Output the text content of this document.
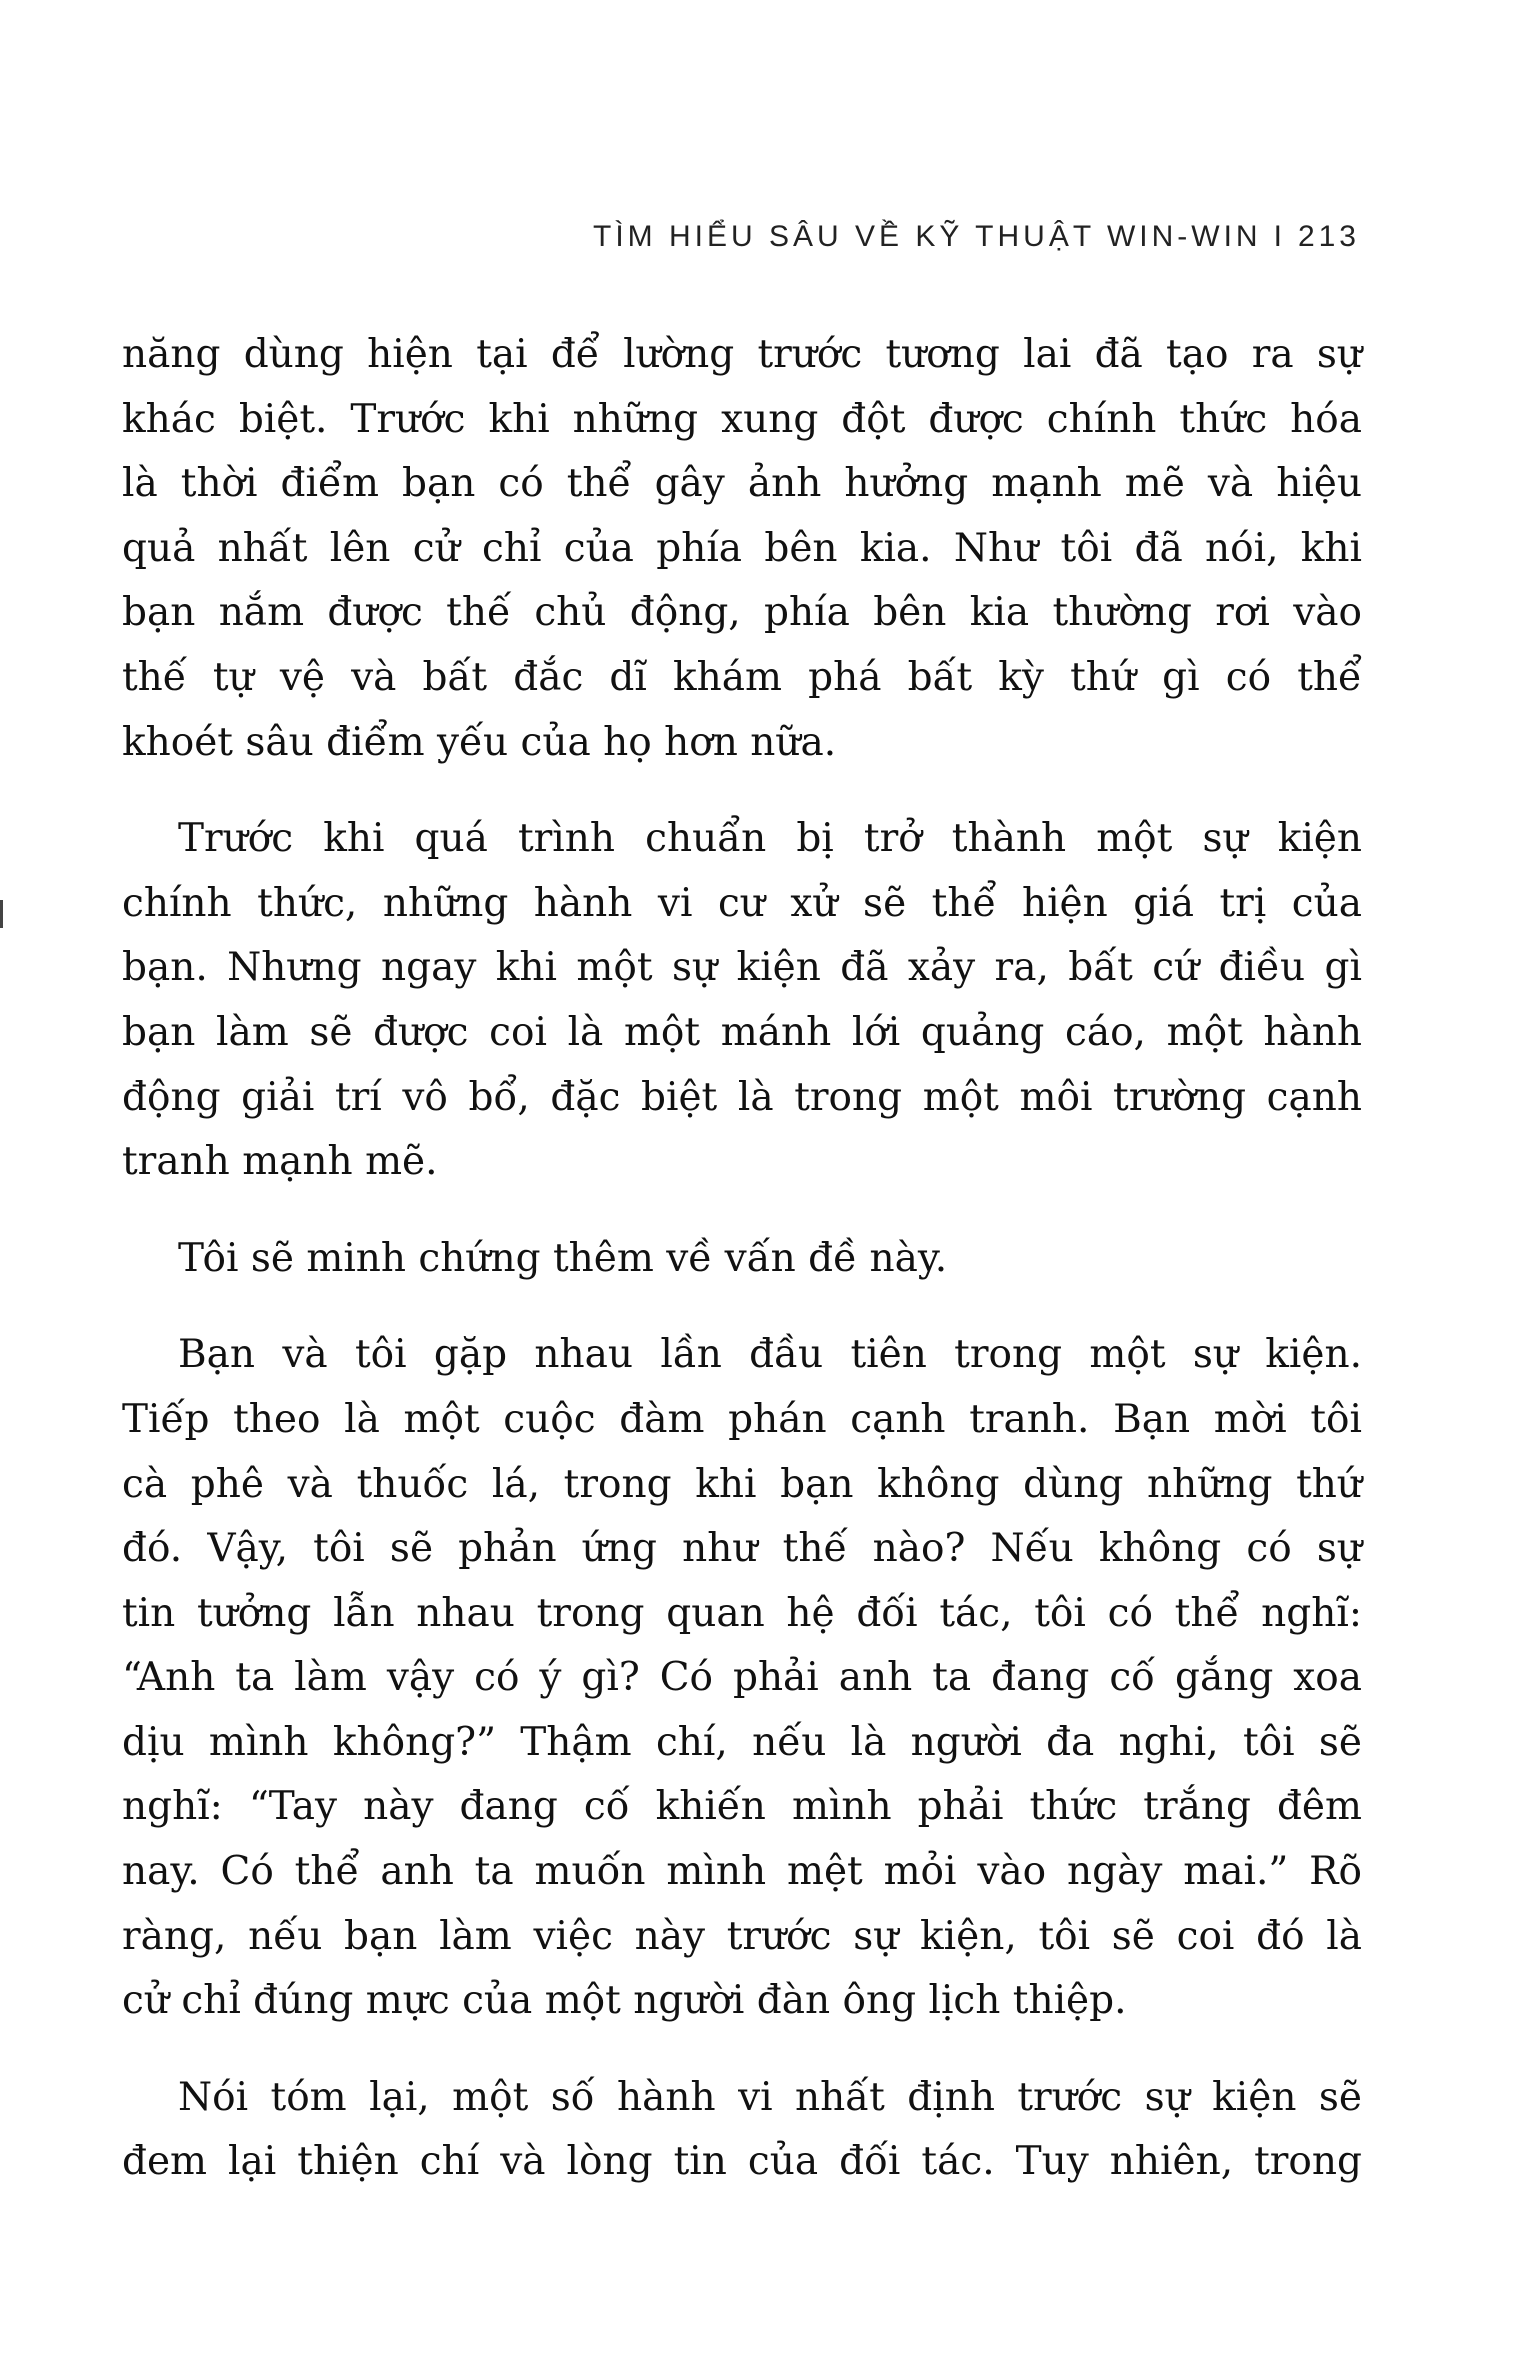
TÌM HIỂU SÂU VỀ KỸ THUẬT WIN-WIN I 213

năng dùng hiện tại để lường trước tương lai đã tạo ra sự
khác biệt. Trước khi những xung đột được chính thức hóa
là thời điểm bạn có thể gây ảnh hưởng mạnh mẽ và hiệu
quả nhất lên cử chỉ của phía bên kia. Như tôi đã nói, khi
bạn nắm được thế chủ động, phía bên kia thường rơi vào
thế tự vệ và bất đắc dĩ khám phá bất kỳ thứ gì có thể
khoét sâu điểm yếu của họ hơn nữa.

Trước khi quá trình chuẩn bị trở thành một sự kiện
chính thức, những hành vi cư xử sẽ thể hiện giá trị của
bạn. Nhưng ngay khi một sự kiện đã xảy ra, bất cứ điều gì
bạn làm sẽ được coi là một mánh lới quảng cáo, một hành
động giải trí vô bổ, đặc biệt là trong một môi trường cạnh
tranh mạnh mẽ.

Tôi sẽ minh chứng thêm về vấn đề này.

Bạn và tôi gặp nhau lần đầu tiên trong một sự kiện.
Tiếp theo là một cuộc đàm phán cạnh tranh. Bạn mời tôi
cà phê và thuốc lá, trong khi bạn không dùng những thứ
đó. Vậy, tôi sẽ phản ứng như thế nào? Nếu không có sự
tin tưởng lẫn nhau trong quan hệ đối tác, tôi có thể nghĩ:
“Anh ta làm vậy có ý gì? Có phải anh ta đang cố gắng xoa
dịu mình không?” Thậm chí, nếu là người đa nghi, tôi sẽ
nghĩ: “Tay này đang cố khiến mình phải thức trắng đêm
nay. Có thể anh ta muốn mình mệt mỏi vào ngày mai.” Rõ
ràng, nếu bạn làm việc này trước sự kiện, tôi sẽ coi đó là
cử chỉ đúng mực của một người đàn ông lịch thiệp.

Nói tóm lại, một số hành vi nhất định trước sự kiện sẽ
đem lại thiện chí và lòng tin của đối tác. Tuy nhiên, trong
